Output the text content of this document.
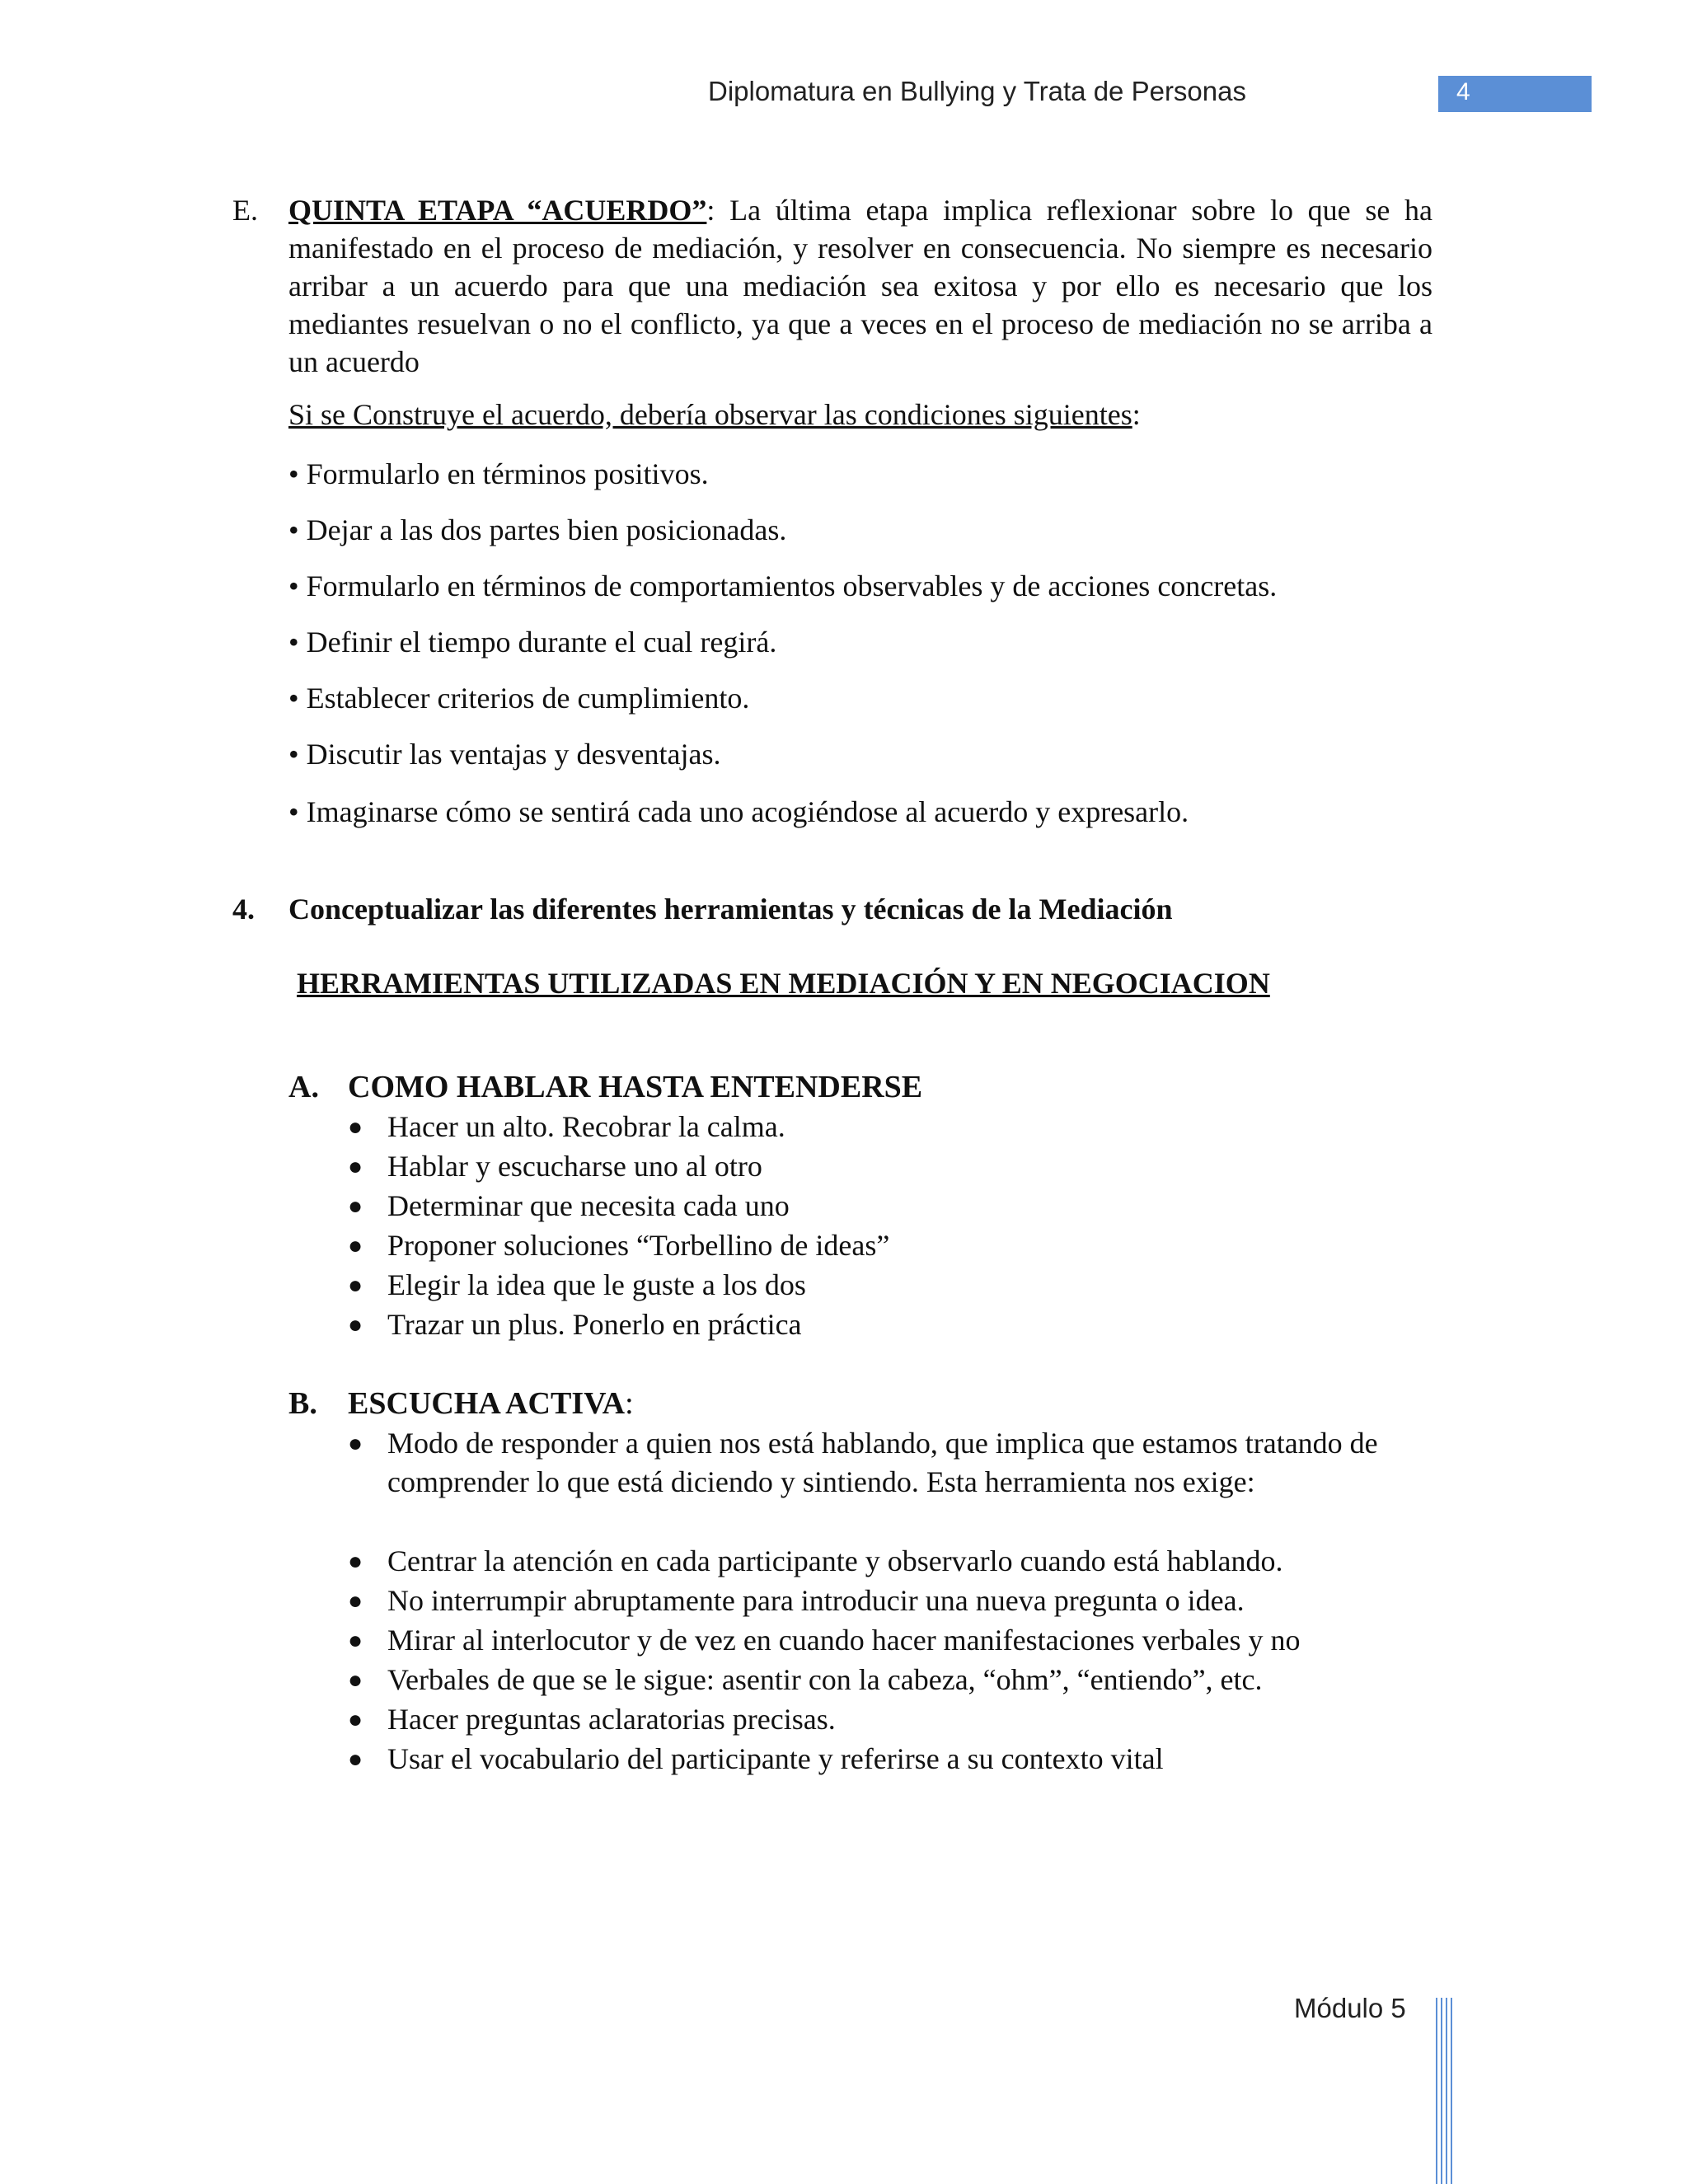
Diplomatura en Bullying y Trata de Personas	4
E. QUINTA ETAPA “ACUERDO”: La última etapa implica reflexionar sobre lo que se ha manifestado en el proceso de mediación, y resolver en consecuencia. No siempre es necesario arribar a un acuerdo para que una mediación sea exitosa y por ello es necesario que los mediantes resuelvan o no el conflicto, ya que a veces en el proceso de mediación no se arriba a un acuerdo
Si se Construye el acuerdo, debería observar las condiciones siguientes:
• Formularlo en términos positivos.
• Dejar a las dos partes bien posicionadas.
• Formularlo en términos de comportamientos observables y de acciones concretas.
• Definir el tiempo durante el cual regirá.
• Establecer criterios de cumplimiento.
• Discutir las ventajas y desventajas.
• Imaginarse cómo se sentirá cada uno acogiéndose al acuerdo y expresarlo.
4. Conceptualizar las diferentes herramientas y técnicas de la Mediación
HERRAMIENTAS UTILIZADAS EN MEDIACIÓN Y EN NEGOCIACION
A. COMO HABLAR HASTA ENTENDERSE
● Hacer un alto. Recobrar la calma.
● Hablar y escucharse uno al otro
● Determinar que necesita cada uno
● Proponer soluciones “Torbellino de ideas”
● Elegir la idea que le guste a los dos
● Trazar un plus. Ponerlo en práctica
B. ESCUCHA ACTIVA:
● Modo de responder a quien nos está hablando, que implica que estamos tratando de comprender lo que está diciendo y sintiendo. Esta herramienta nos exige:
● Centrar la atención en cada participante y observarlo cuando está hablando.
● No interrumpir abruptamente para introducir una nueva pregunta o idea.
● Mirar al interlocutor y de vez en cuando hacer manifestaciones verbales y no
● Verbales de que se le sigue: asentir con la cabeza, “ohm”, “entiendo”, etc.
● Hacer preguntas aclaratorias precisas.
● Usar el vocabulario del participante y referirse a su contexto vital
Módulo 5
